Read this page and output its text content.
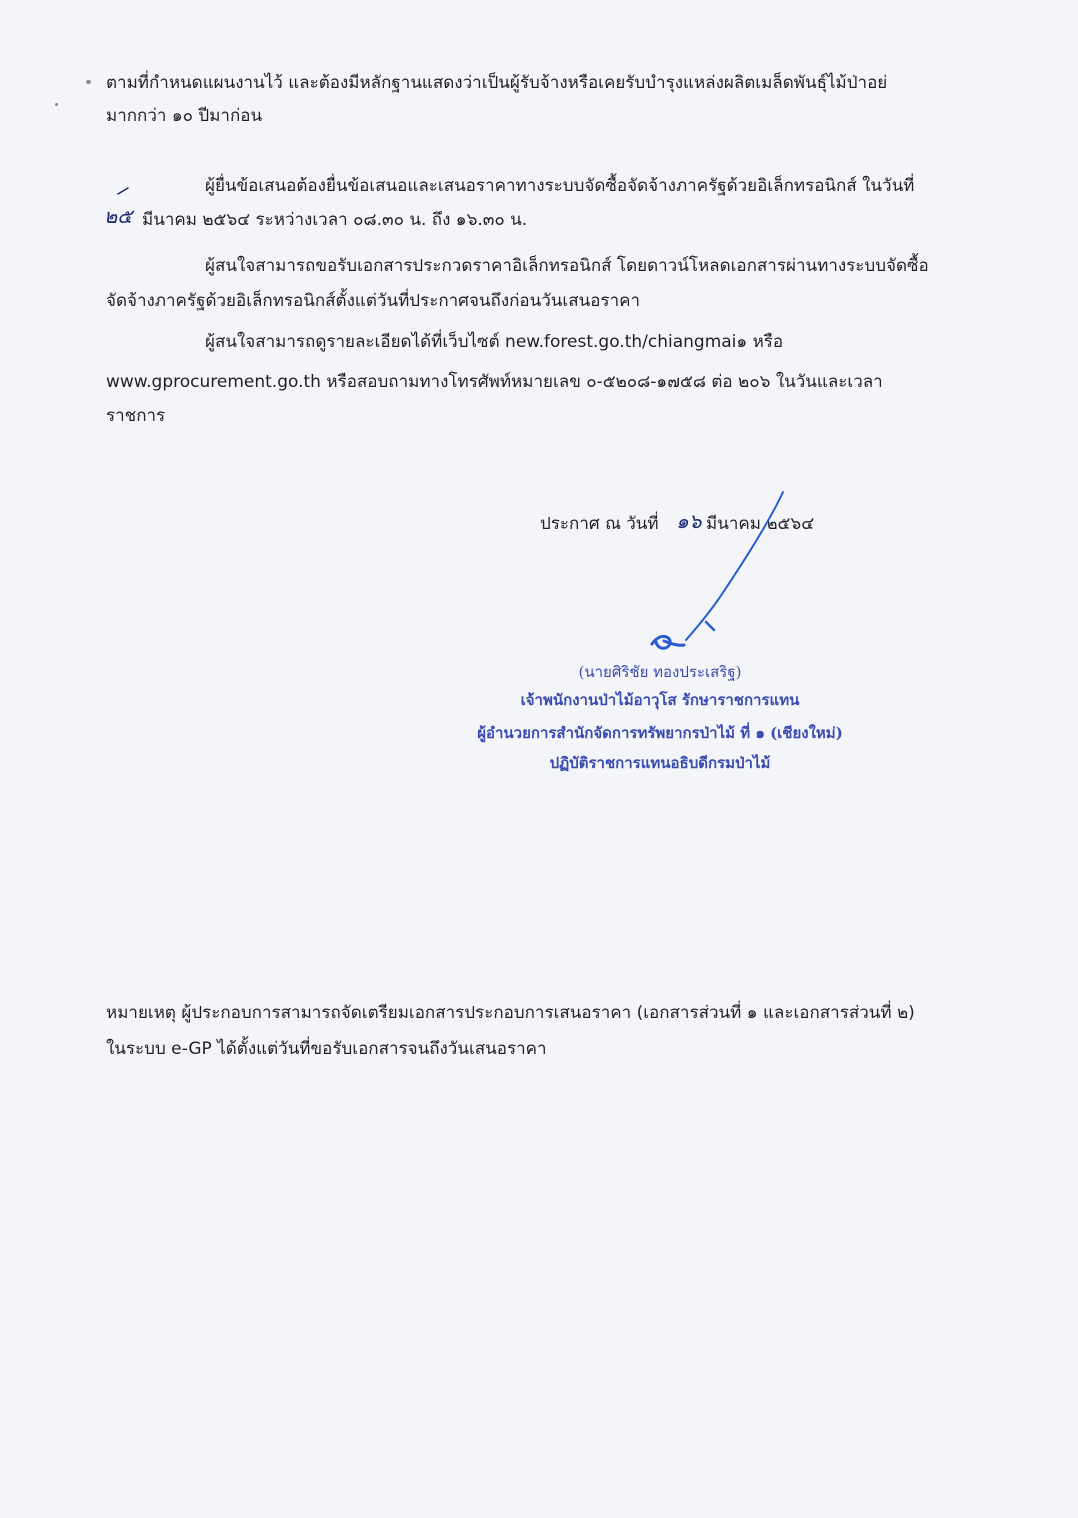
ตามที่กำหนดแผนงานไว้ และต้องมีหลักฐานแสดงว่าเป็นผู้รับจ้างหรือเคยรับบำรุงแหล่งผลิตเมล็ดพันธุ์ไม้ป่าอย่
มากกว่า ๑๐ ปีมาก่อน
ผู้ยื่นข้อเสนอต้องยื่นข้อเสนอและเสนอราคาทางระบบจัดซื้อจัดจ้างภาครัฐด้วยอิเล็กทรอนิกส์ ในวันที่
๒๕ มีนาคม ๒๕๖๔ ระหว่างเวลา ๐๘.๓๐ น. ถึง ๑๖.๓๐ น.
ผู้สนใจสามารถขอรับเอกสารประกวดราคาอิเล็กทรอนิกส์ โดยดาวน์โหลดเอกสารผ่านทางระบบจัดซื้อ
จัดจ้างภาครัฐด้วยอิเล็กทรอนิกส์ตั้งแต่วันที่ประกาศจนถึงก่อนวันเสนอราคา
ผู้สนใจสามารถดูรายละเอียดได้ที่เว็บไซต์ new.forest.go.th/chiangmai๑ หรือ
www.gprocurement.go.th หรือสอบถามทางโทรศัพท์หมายเลข ๐-๕๒๐๘-๑๗๕๘ ต่อ ๒๐๖ ในวันและเวลา
ราชการ
ประกาศ ณ วันที่ ๑๖ มีนาคม ๒๕๖๔
(นายศิริชัย ทองประเสริฐ)
เจ้าพนักงานป่าไม้อาวุโส รักษาราชการแทน
ผู้อำนวยการสำนักจัดการทรัพยากรป่าไม้ ที่ ๑ (เชียงใหม่)
ปฏิบัติราชการแทนอธิบดีกรมป่าไม้
หมายเหตุ ผู้ประกอบการสามารถจัดเตรียมเอกสารประกอบการเสนอราคา (เอกสารส่วนที่ ๑ และเอกสารส่วนที่ ๒)
ในระบบ e-GP ได้ตั้งแต่วันที่ขอรับเอกสารจนถึงวันเสนอราคา
